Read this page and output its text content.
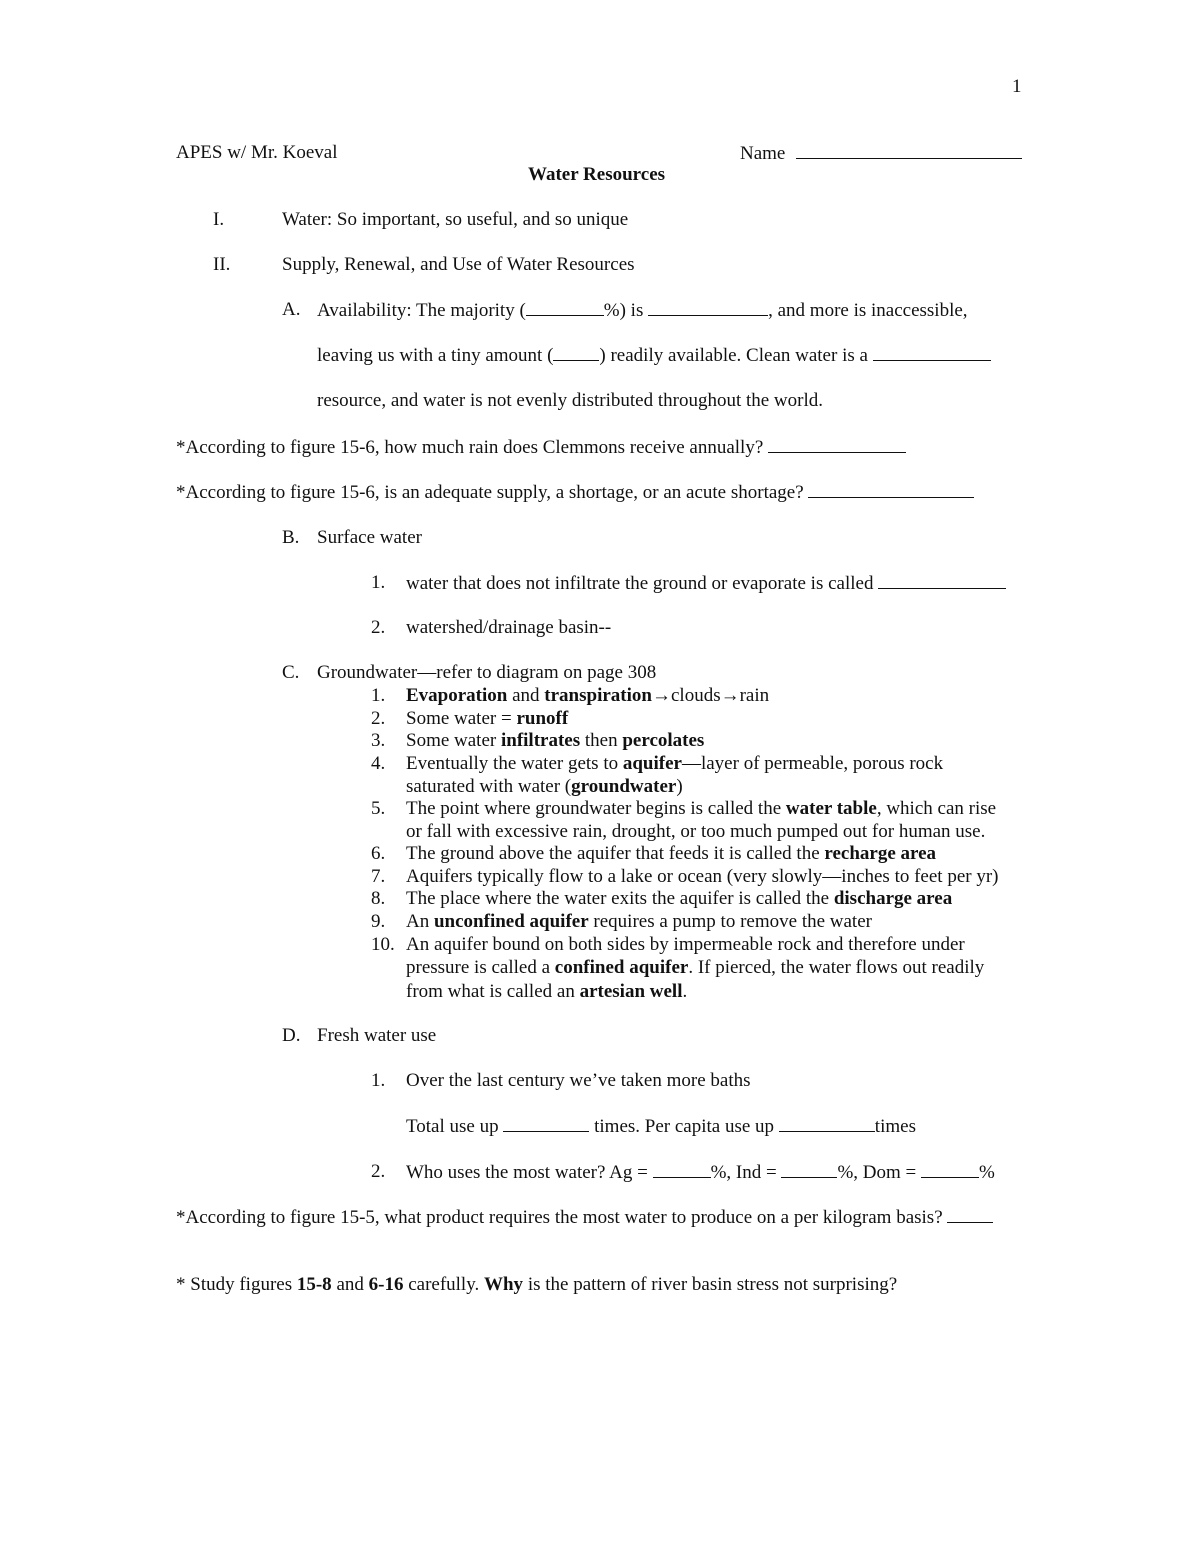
1
APES w/ Mr. Koeval	Name
Water Resources
I.	Water: So important, so useful, and so unique
II.	Supply, Renewal, and Use of Water Resources
A. Availability: The majority (	%) is	, and more is inaccessible,
leaving us with a tiny amount ( ) readily available. Clean water is a
resource, and water is not evenly distributed throughout the world.
*According to figure 15-6, how much rain does Clemmons receive annually?
*According to figure 15-6, is an adequate supply, a shortage, or an acute shortage?
B. Surface water
1. water that does not infiltrate the ground or evaporate is called
2. watershed/drainage basin--
C. Groundwater—refer to diagram on page 308
1. Evaporation and transpiration→clouds→rain
2. Some water = runoff
3. Some water infiltrates then percolates
4. Eventually the water gets to aquifer—layer of permeable, porous rock
saturated with water (groundwater)
5. The point where groundwater begins is called the water table, which can rise
or fall with excessive rain, drought, or too much pumped out for human use.
6. The ground above the aquifer that feeds it is called the recharge area
7. Aquifers typically flow to a lake or ocean (very slowly—inches to feet per yr)
8. The place where the water exits the aquifer is called the discharge area
9. An unconfined aquifer requires a pump to remove the water
10. An aquifer bound on both sides by impermeable rock and therefore under
pressure is called a confined aquifer. If pierced, the water flows out readily
from what is called an artesian well.
D. Fresh water use
1. Over the last century we’ve taken more baths
Total use up	times. Per capita use up	times
2. Who uses the most water? Ag =	%, Ind =	%, Dom =	%
*According to figure 15-5, what product requires the most water to produce on a per kilogram basis?
* Study figures 15-8 and 6-16 carefully. Why is the pattern of river basin stress not surprising?
